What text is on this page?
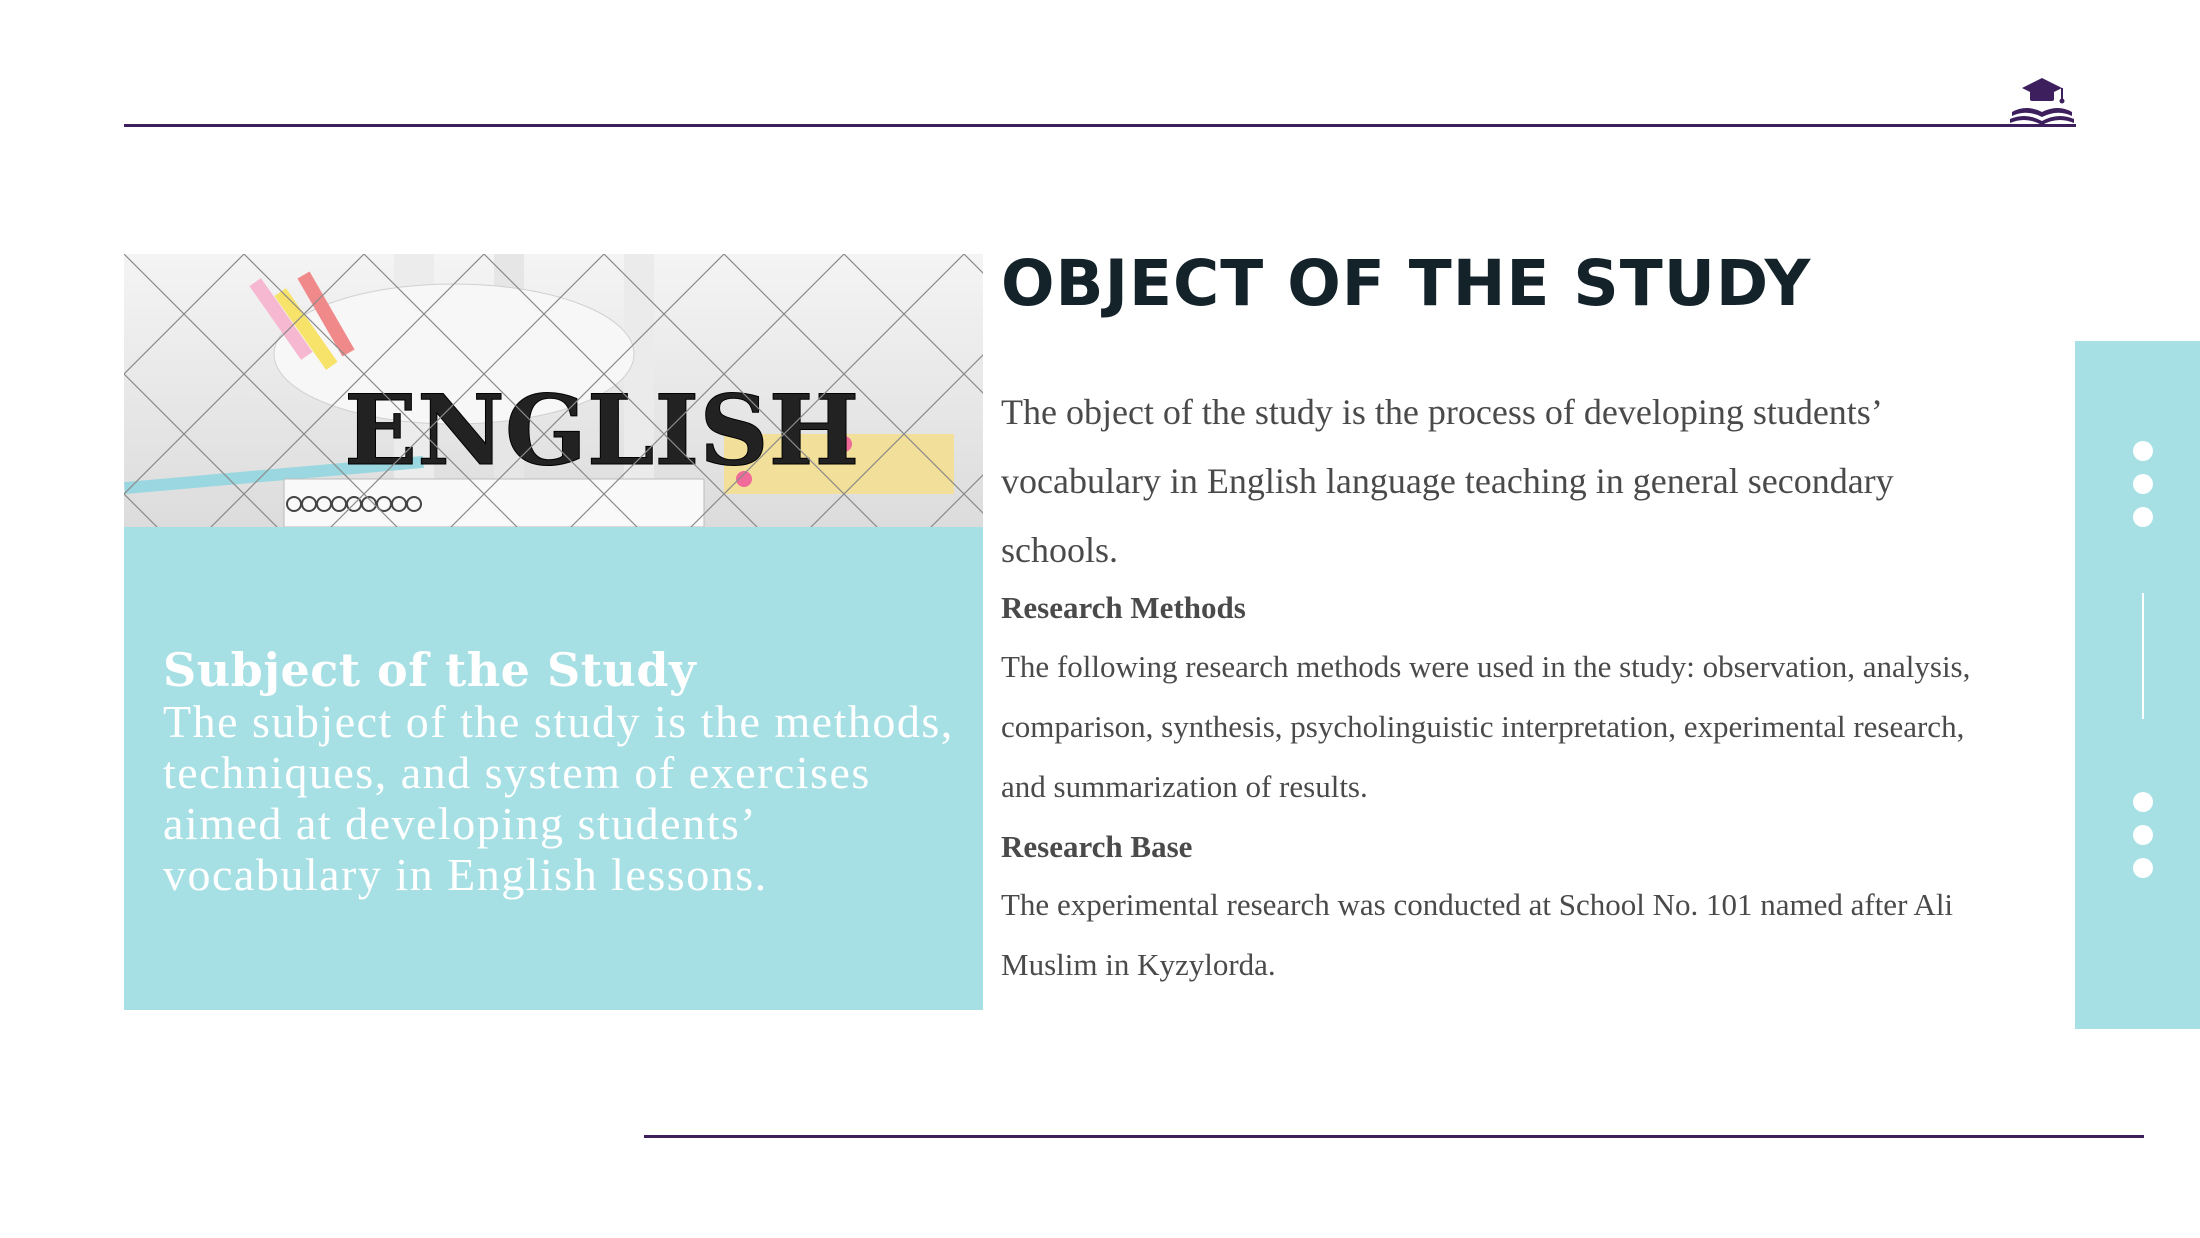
Subject of the Study
The subject of the study is the methods, techniques, and system of exercises aimed at developing students’ vocabulary in English lessons.
OBJECT OF THE STUDY
The object of the study is the process of developing students’ vocabulary in English language teaching in general secondary schools.
Research Methods
The following research methods were used in the study: observation, analysis, comparison, synthesis, psycholinguistic interpretation, experimental research, and summarization of results.
Research Base
The experimental research was conducted at School No. 101 named after Ali Muslim in Kyzylorda.
